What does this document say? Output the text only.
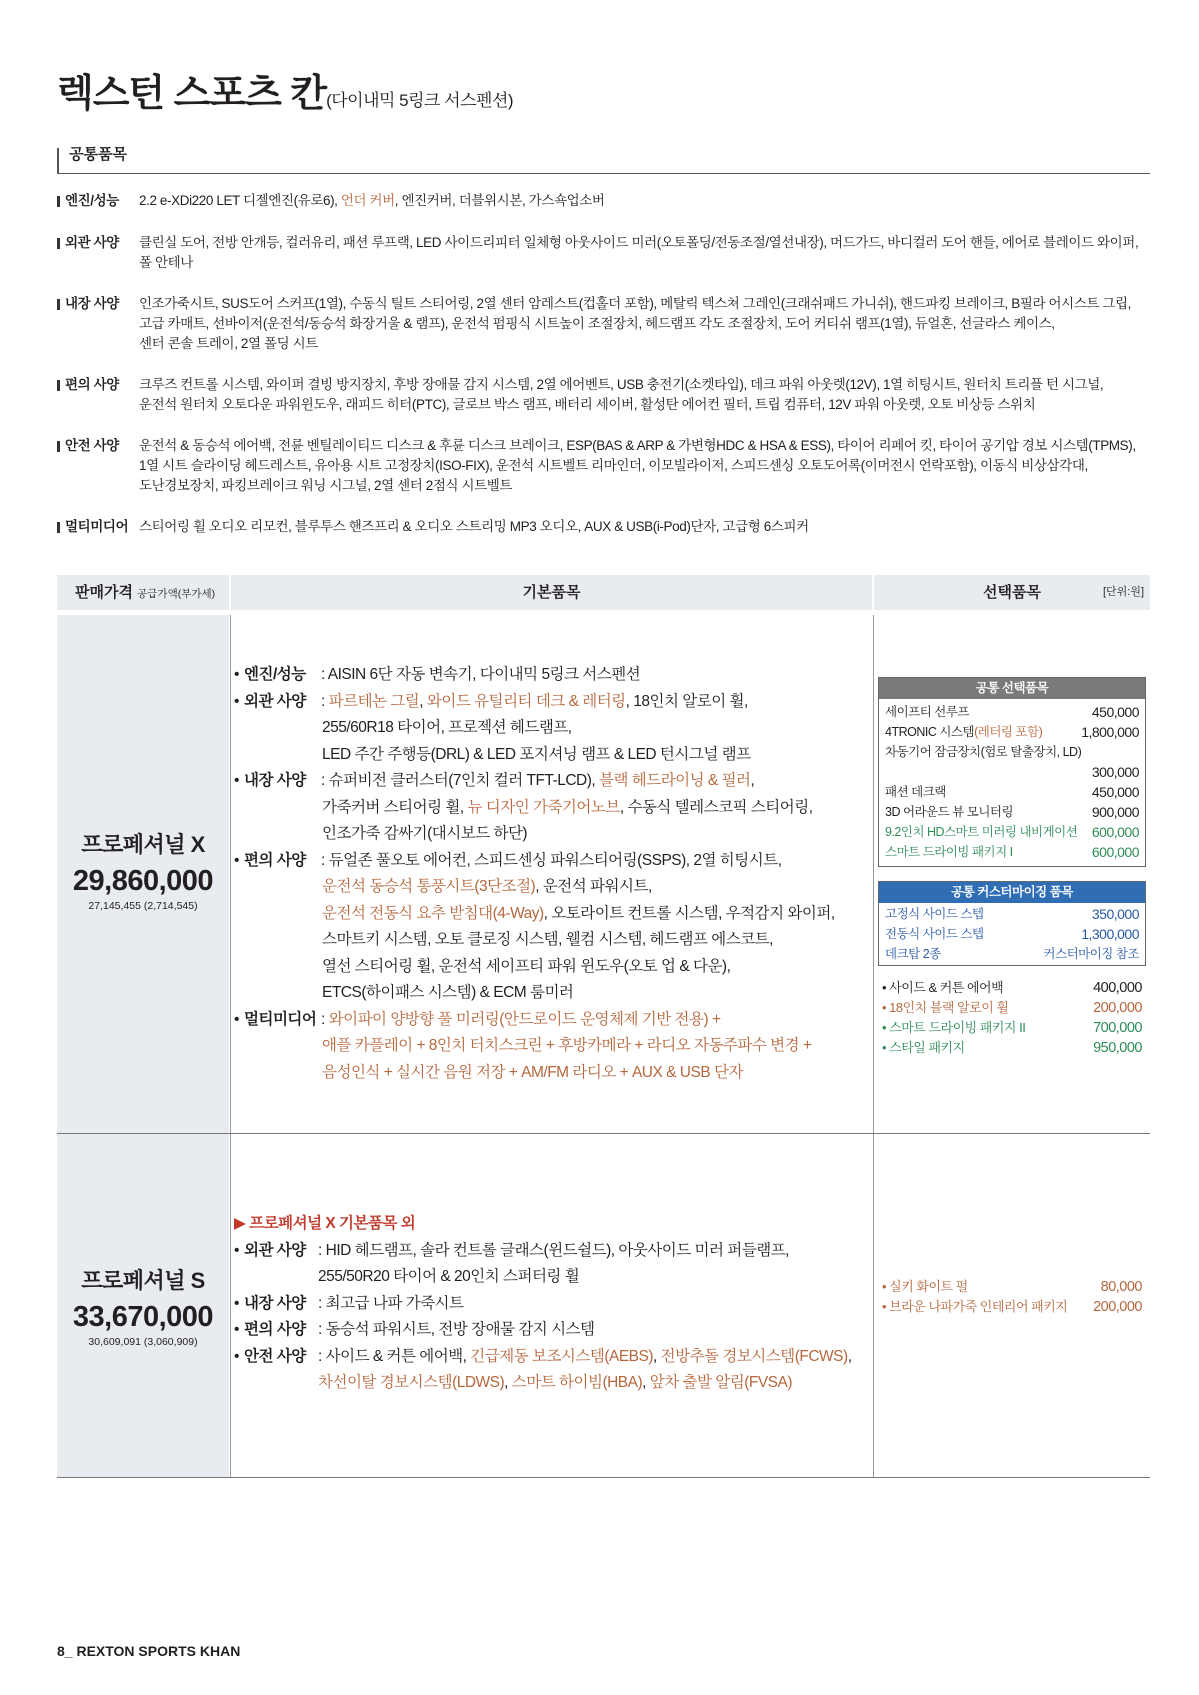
렉스턴 스포츠 칸(다이내믹 5링크 서스펜션)
공통품목
엔진/성능 2.2 e-XDi220 LET 디젤엔진(유로6), 언더 커버, 엔진커버, 더블위시본, 가스쇽업소버
외관 사양 클린실 도어, 전방 안개등, 컬러유리, 패션 루프랙, LED 사이드리피터 일체형 아웃사이드 미러(오토폴딩/전동조절/열선내장), 머드가드, 바디컬러 도어 핸들, 에어로 블레이드 와이퍼,
폴 안테나
내장 사양 인조가죽시트, SUS도어 스커프(1열), 수동식 틸트 스티어링, 2열 센터 암레스트(컵홀더 포함), 메탈릭 텍스쳐 그레인(크래쉬패드 가니쉬), 핸드파킹 브레이크, B필라 어시스트 그립,
고급 카매트, 선바이저(운전석/동승석 화장거울 & 램프), 운전석 펌핑식 시트높이 조절장치, 헤드램프 각도 조절장치, 도어 커티쉬 램프(1열), 듀얼혼, 선글라스 케이스,
센터 콘솔 트레이, 2열 폴딩 시트
편의 사양 크루즈 컨트롤 시스템, 와이퍼 결빙 방지장치, 후방 장애물 감지 시스템, 2열 에어벤트, USB 충전기(소켓타입), 데크 파워 아웃렛(12V), 1열 히팅시트, 원터치 트리플 턴 시그널,
운전석 원터치 오토다운 파워윈도우, 래피드 히터(PTC), 글로브 박스 램프, 배터리 세이버, 활성탄 에어컨 필터, 트립 컴퓨터, 12V 파워 아웃렛, 오토 비상등 스위치
안전 사양 운전석 & 동승석 에어백, 전륜 벤틸레이티드 디스크 & 후륜 디스크 브레이크, ESP(BAS & ARP & 가변형HDC & HSA & ESS), 타이어 리페어 킷, 타이어 공기압 경보 시스템(TPMS),
1열 시트 슬라이딩 헤드레스트, 유아용 시트 고정장치(ISO-FIX), 운전석 시트벨트 리마인더, 이모빌라이저, 스피드센싱 오토도어록(이머전시 언락포함), 이동식 비상삼각대,
도난경보장치, 파킹브레이크 워닝 시그널, 2열 센터 2점식 시트벨트
멀티미디어 스티어링 휠 오디오 리모컨, 블루투스 핸즈프리 & 오디오 스트리밍 MP3 오디오, AUX & USB(i-Pod)단자, 고급형 6스피커
판매가격 공급가액(부가세)	기본품목	선택품목	[단위:원]
프로페셔널 X
29,860,000
27,145,455 (2,714,545)
• 엔진/성능 : AISIN 6단 자동 변속기, 다이내믹 5링크 서스펜션
• 외관 사양 : 파르테논 그릴, 와이드 유틸리티 데크 & 레터링, 18인치 알로이 휠,
255/60R18 타이어, 프로젝션 헤드램프,
LED 주간 주행등(DRL) & LED 포지셔닝 램프 & LED 턴시그널 램프
• 내장 사양 : 슈퍼비전 클러스터(7인치 컬러 TFT-LCD), 블랙 헤드라이닝 & 필러,
가죽커버 스티어링 휠, 뉴 디자인 가죽기어노브, 수동식 텔레스코픽 스티어링,
인조가죽 감싸기(대시보드 하단)
• 편의 사양 : 듀얼존 풀오토 에어컨, 스피드센싱 파워스티어링(SSPS), 2열 히팅시트,
운전석 동승석 통풍시트(3단조절), 운전석 파워시트,
운전석 전동식 요추 받침대(4-Way), 오토라이트 컨트롤 시스템, 우적감지 와이퍼,
스마트키 시스템, 오토 클로징 시스템, 웰컴 시스템, 헤드램프 에스코트,
열선 스티어링 휠, 운전석 세이프티 파워 윈도우(오토 업 & 다운),
ETCS(하이패스 시스템) & ECM 룸미러
• 멀티미디어 : 와이파이 양방향 풀 미러링(안드로이드 운영체제 기반 전용) +
애플 카플레이 + 8인치 터치스크린 + 후방카메라 + 라디오 자동주파수 변경 +
음성인식 + 실시간 음원 저장 + AM/FM 라디오 + AUX & USB 단자
공통 선택품목
세이프티 선루프	450,000
4TRONIC 시스템(레터링 포함)	1,800,000
차동기어 잠금장치(험로 탈출장치, LD)
300,000
패션 데크랙	450,000
3D 어라운드 뷰 모니터링	900,000
9.2인치 HD스마트 미러링 내비게이션 600,000
스마트 드라이빙 패키지 I	600,000
공통 커스터마이징 품목
고정식 사이드 스텝	350,000
전동식 사이드 스텝	1,300,000
데크탑 2종	커스터마이징 참조
• 사이드 & 커튼 에어백	400,000
• 18인치 블랙 알로이 휠	200,000
• 스마트 드라이빙 패키지 II	700,000
• 스타일 패키지	950,000
프로페셔널 S
33,670,000
30,609,091 (3,060,909)
▶ 프로페셔널 X 기본품목 외
• 외관 사양 : HID 헤드램프, 솔라 컨트롤 글래스(윈드쉴드), 아웃사이드 미러 퍼들램프,
255/50R20 타이어 & 20인치 스퍼터링 휠
• 내장 사양 : 최고급 나파 가죽시트
• 편의 사양 : 동승석 파워시트, 전방 장애물 감지 시스템
• 안전 사양 : 사이드 & 커튼 에어백, 긴급제동 보조시스템(AEBS), 전방추돌 경보시스템(FCWS),
차선이탈 경보시스템(LDWS), 스마트 하이빔(HBA), 앞차 출발 알림(FVSA)
• 실키 화이트 펄	80,000
• 브라운 나파가죽 인테리어 패키지 200,000
8_ REXTON SPORTS KHAN
